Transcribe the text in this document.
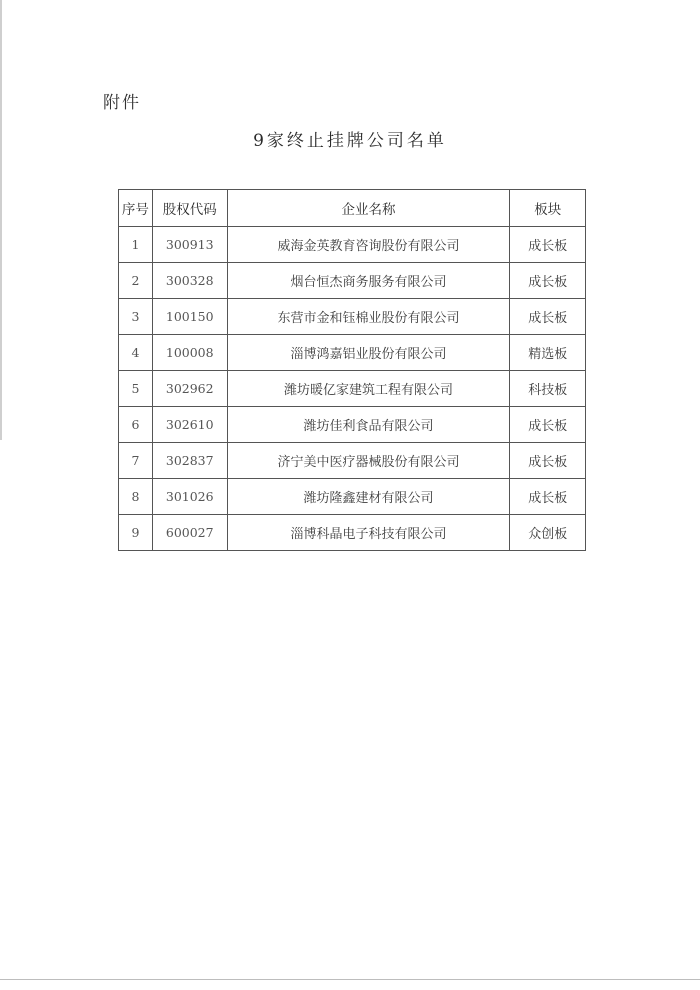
附件
9家终止挂牌公司名单
序号	股权代码	企业名称	板块
1	300913	威海金英教育咨询股份有限公司	成长板
2	300328	烟台恒杰商务服务有限公司	成长板
3	100150	东营市金和钰棉业股份有限公司	成长板
4	100008	淄博鸿嘉铝业股份有限公司	精选板
5	302962	潍坊暖亿家建筑工程有限公司	科技板
6	302610	潍坊佳利食品有限公司	成长板
7	302837	济宁美中医疗器械股份有限公司	成长板
8	301026	潍坊隆鑫建材有限公司	成长板
9	600027	淄博科晶电子科技有限公司	众创板
